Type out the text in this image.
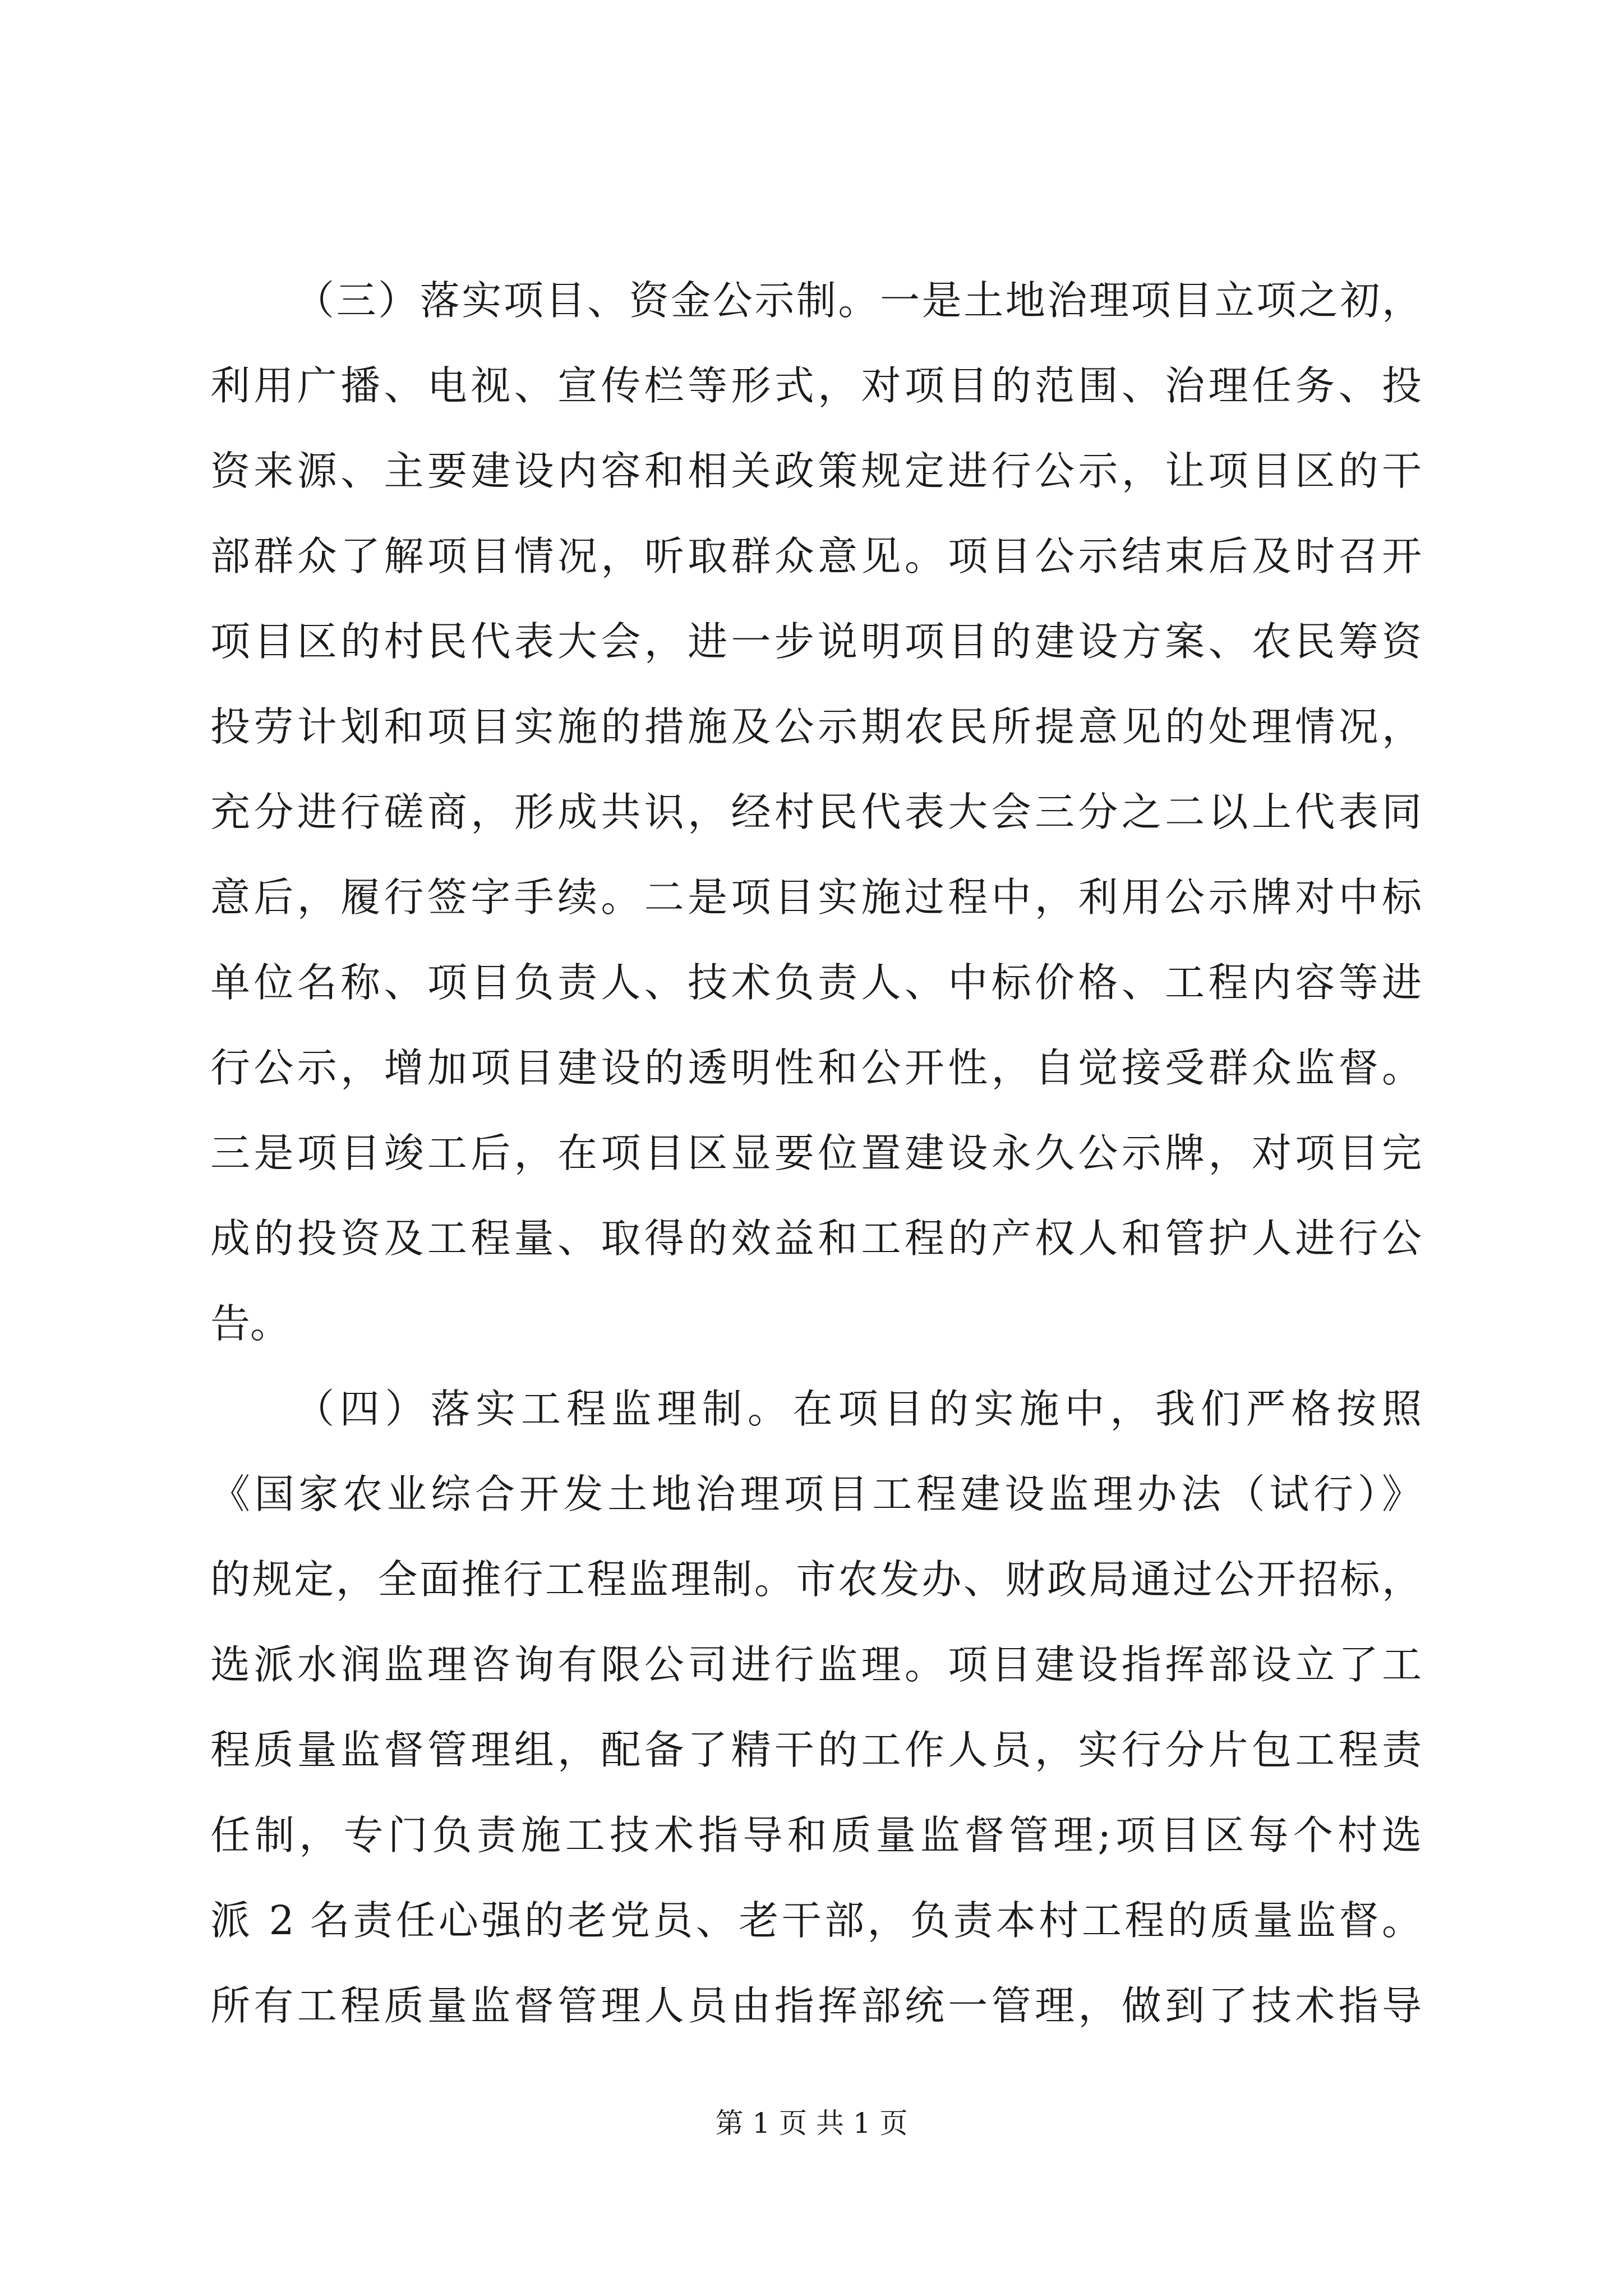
（三）落实项目、资金公示制。一是土地治理项目立项之初，
利用广播、电视、宣传栏等形式，对项目的范围、治理任务、投
资来源、主要建设内容和相关政策规定进行公示，让项目区的干
部群众了解项目情况，听取群众意见。项目公示结束后及时召开
项目区的村民代表大会，进一步说明项目的建设方案、农民筹资
投劳计划和项目实施的措施及公示期农民所提意见的处理情况，
充分进行磋商，形成共识，经村民代表大会三分之二以上代表同
意后，履行签字手续。二是项目实施过程中，利用公示牌对中标
单位名称、项目负责人、技术负责人、中标价格、工程内容等进
行公示，增加项目建设的透明性和公开性，自觉接受群众监督。
三是项目竣工后，在项目区显要位置建设永久公示牌，对项目完
成的投资及工程量、取得的效益和工程的产权人和管护人进行公
告。
（四）落实工程监理制。在项目的实施中，我们严格按照
《国家农业综合开发土地治理项目工程建设监理办法（试行）》
的规定，全面推行工程监理制。市农发办、财政局通过公开招标，
选派水润监理咨询有限公司进行监理。项目建设指挥部设立了工
程质量监督管理组，配备了精干的工作人员，实行分片包工程责
任制，专门负责施工技术指导和质量监督管理;项目区每个村选
派 2 名责任心强的老党员、老干部，负责本村工程的质量监督。
所有工程质量监督管理人员由指挥部统一管理，做到了技术指导
第 1 页 共 1 页
